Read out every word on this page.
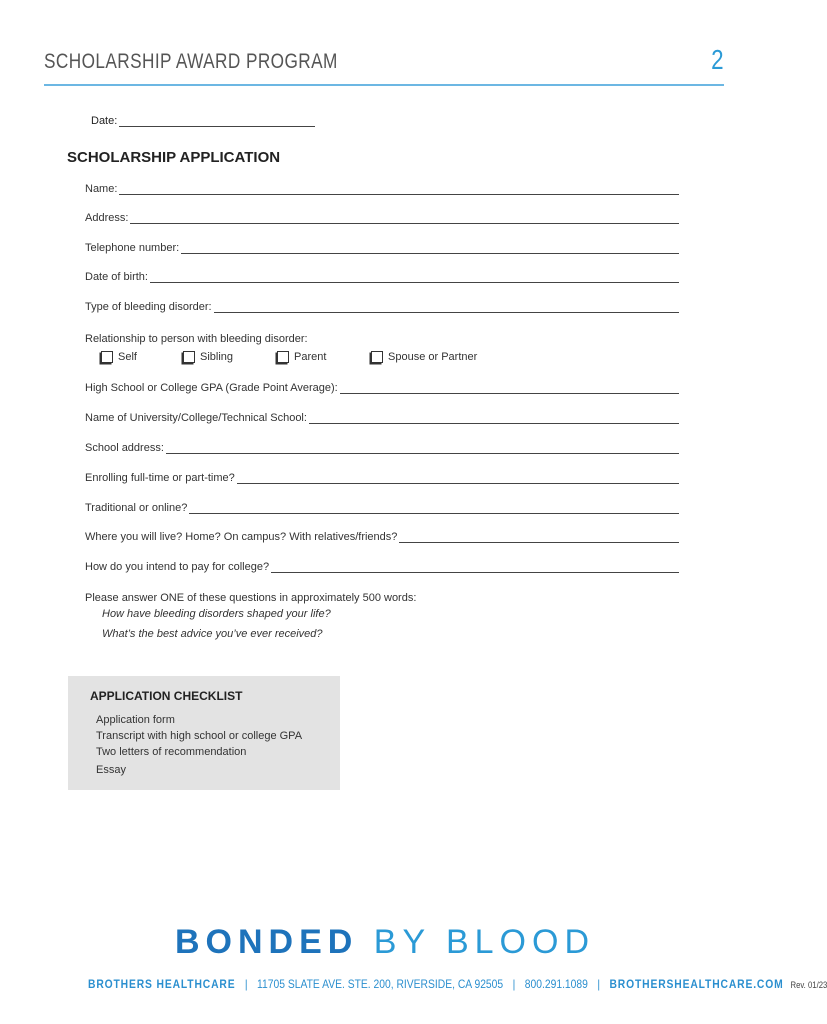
SCHOLARSHIP AWARD PROGRAM	2
Date:
SCHOLARSHIP APPLICATION
Name:
Address:
Telephone number:
Date of birth:
Type of bleeding disorder:
Relationship to person with bleeding disorder:
Self	Sibling	Parent	Spouse or Partner
High School or College GPA (Grade Point Average):
Name of University/College/Technical School:
School address:
Enrolling full-time or part-time?
Traditional or online?
Where you will live? Home? On campus? With relatives/friends?
How do you intend to pay for college?
Please answer ONE of these questions in approximately 500 words:
How have bleeding disorders shaped your life?
What’s the best advice you’ve ever received?
APPLICATION CHECKLIST
Application form
Transcript with high school or college GPA
Two letters of recommendation
Essay
BONDED BY BLOOD
BROTHERS HEALTHCARE | 11705 SLATE AVE. STE. 200, RIVERSIDE, CA 92505 | 800.291.1089 | BROTHERSHEALTHCARE.COM Rev. 01/23
